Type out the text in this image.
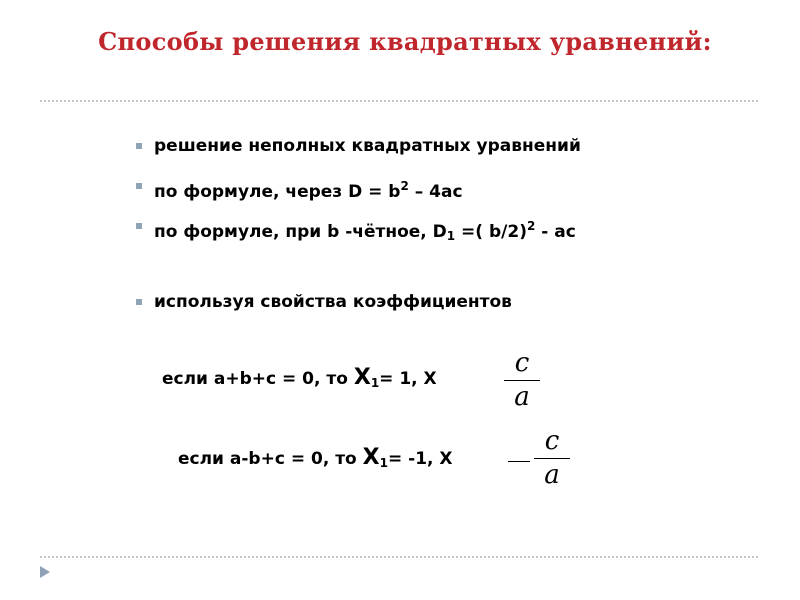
Способы решения квадратных уравнений:
решение неполных квадратных уравнений
по формуле, через $D = b^2 - 4ac$
по формуле, при b -чётное, $D_1$ =( b/2)$^2$ - ac
используя свойства коэффициентов
если a+b+c = 0, то $X_1= 1$, X
c
a
если a-b+c = 0, то $X_1= -1$, X
c
a
